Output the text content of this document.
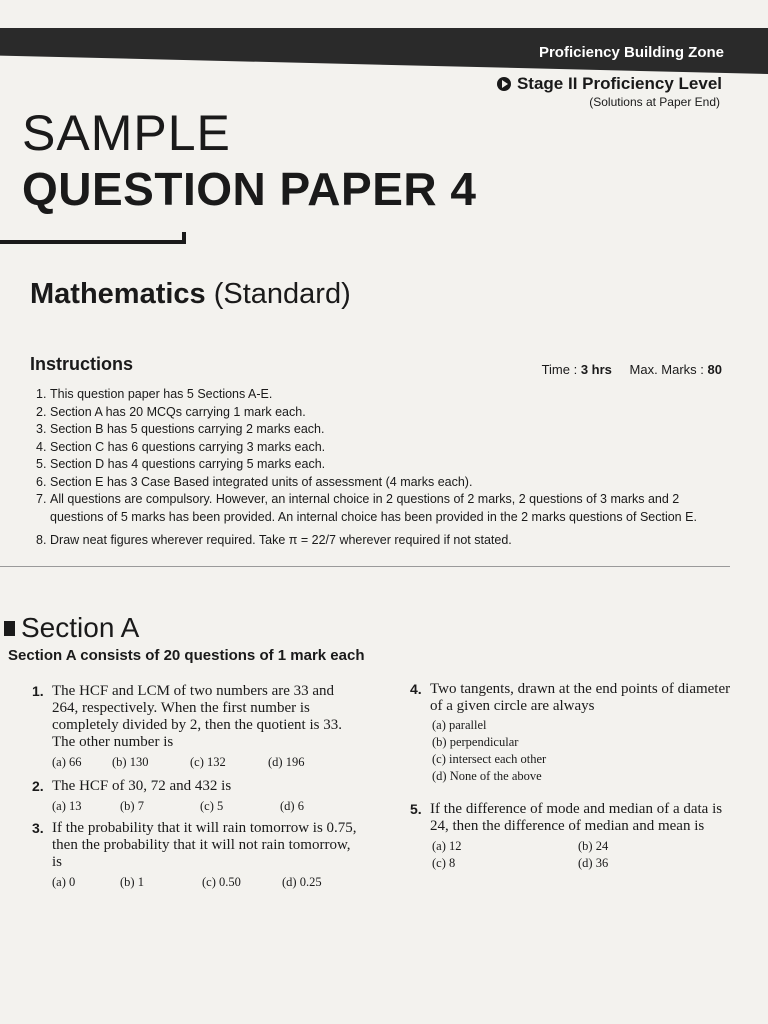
Proficiency Building Zone
Stage II Proficiency Level
(Solutions at Paper End)
SAMPLE
QUESTION PAPER 4
Mathematics (Standard)
Instructions	Time : 3 hrs Max. Marks : 80
1. This question paper has 5 Sections A-E.
2. Section A has 20 MCQs carrying 1 mark each.
3. Section B has 5 questions carrying 2 marks each.
4. Section C has 6 questions carrying 3 marks each.
5. Section D has 4 questions carrying 5 marks each.
6. Section E has 3 Case Based integrated units of assessment (4 marks each).
7. All questions are compulsory. However, an internal choice in 2 questions of 2 marks, 2 questions of 3 marks and 2 questions of 5 marks has been provided. An internal choice has been provided in the 2 marks questions of Section E.
8. Draw neat figures wherever required. Take π = 22/7 wherever required if not stated.
Section A
Section A consists of 20 questions of 1 mark each
1. The HCF and LCM of two numbers are 33 and 264, respectively. When the first number is completely divided by 2, then the quotient is 33. The other number is
(a) 66	(b) 130	(c) 132	(d) 196
2. The HCF of 30, 72 and 432 is
(a) 13	(b) 7	(c) 5	(d) 6
3. If the probability that it will rain tomorrow is 0.75, then the probability that it will not rain tomorrow, is
(a) 0	(b) 1	(c) 0.50	(d) 0.25
4. Two tangents, drawn at the end points of diameter of a given circle are always
(a) parallel
(b) perpendicular
(c) intersect each other
(d) None of the above
5. If the difference of mode and median of a data is 24, then the difference of median and mean is
(a) 12	(b) 24
(c) 8	(d) 36
